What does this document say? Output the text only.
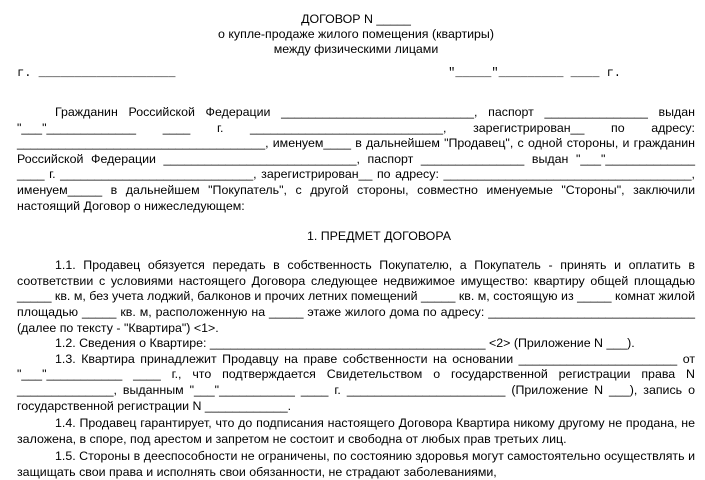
ДОГОВОР N _____
о купле-продаже жилого помещения (квартиры)
между физическими лицами
г. ___________________	"_____"_________ ____ г.

Гражданин Российской Федерации ____________________________, паспорт _______________ выдан "___"_____________ ____ г. ____________________________, зарегистрирован__ по адресу: ____________________________________, именуем____ в дальнейшем "Продавец", с одной стороны, и гражданин Российской Федерации ____________________________, паспорт _______________ выдан "___"_____________ ____ г. ____________________________, зарегистрирован__ по адресу: ____________________________________, именуем_____ в дальнейшем "Покупатель", с другой стороны, совместно именуемые "Стороны", заключили настоящий Договор о нижеследующем:

1. ПРЕДМЕТ ДОГОВОРА

1.1. Продавец обязуется передать в собственность Покупателю, а Покупатель - принять и оплатить в соответствии с условиями настоящего Договора следующее недвижимое имущество: квартиру общей площадью _____ кв. м, без учета лоджий, балконов и прочих летних помещений _____ кв. м, состоящую из _____ комнат жилой площадью _____ кв. м, расположенную на _____ этаже жилого дома по адресу: ______________________________ (далее по тексту - "Квартира") <1>.

1.2. Сведения о Квартире: ________________________________________ <2> (Приложение N ___).

1.3. Квартира принадлежит Продавцу на праве собственности на основании _______________________ от "___"___________ ____ г., что подтверждается Свидетельством о государственной регистрации права N ______________, выданным "___"___________ ____ г. _______________________ (Приложение N ___), запись о государственной регистрации N ____________.

1.4. Продавец гарантирует, что до подписания настоящего Договора Квартира никому другому не продана, не заложена, в споре, под арестом и запретом не состоит и свободна от любых прав третьих лиц.

1.5. Стороны в дееспособности не ограничены, по состоянию здоровья могут самостоятельно осуществлять и защищать свои права и исполнять свои обязанности, не страдают заболеваниями,
